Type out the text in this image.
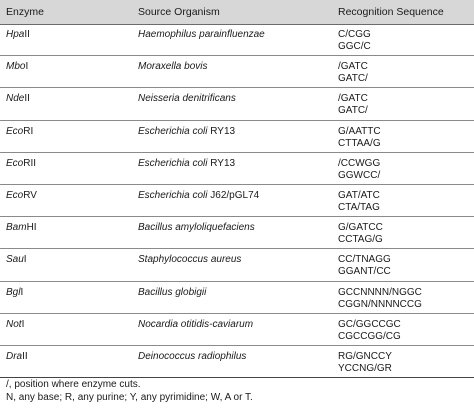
Enzyme	Source Organism	Recognition Sequence
HpaII	Haemophilus parainfluenzae	C/CGG
GGC/C
MboI	Moraxella bovis	/GATC
GATC/
NdeII	Neisseria denitrificans	/GATC
GATC/
EcoRI	Escherichia coli RY13	G/AATTC
CTTAA/G
EcoRII	Escherichia coli RY13	/CCWGG
GGWCC/
EcoRV	Escherichia coli J62/pGL74	GAT/ATC
CTA/TAG
BamHI	Bacillus amyloliquefaciens	G/GATCC
CCTAG/G
SauI	Staphylococcus aureus	CC/TNAGG
GGANT/CC
BglI	Bacillus globigii	GCCNNNN/NGGC
CGGN/NNNNCCG
NotI	Nocardia otitidis-caviarum	GC/GGCCGC
CGCCGG/CG
DraII	Deinococcus radiophilus	RG/GNCCY
YCCNG/GR
/, position where enzyme cuts.
N, any base; R, any purine; Y, any pyrimidine; W, A or T.
